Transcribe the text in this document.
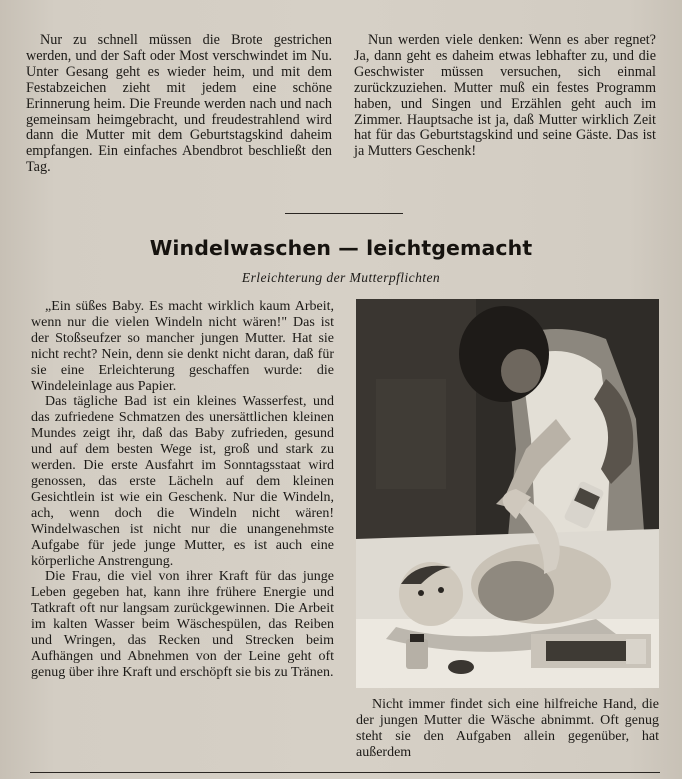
Nur zu schnell müssen die Brote gestrichen werden, und der Saft oder Most verschwindet im Nu. Unter Gesang geht es wieder heim, und mit dem Festabzeichen zieht mit jedem eine schöne Erinnerung heim. Die Freunde werden nach und nach gemeinsam heimgebracht, und freudestrahlend wird dann die Mutter mit dem Geburtstagskind daheim empfangen. Ein einfaches Abendbrot beschließt den Tag.

Nun werden viele denken: Wenn es aber regnet? Ja, dann geht es daheim etwas lebhafter zu, und die Geschwister müssen versuchen, sich einmal zurückzuziehen. Mutter muß ein festes Programm haben, und Singen und Erzählen geht auch im Zimmer. Hauptsache ist ja, daß Mutter wirklich Zeit hat für das Geburtstagskind und seine Gäste. Das ist ja Mutters Geschenk!

Windelwaschen — leichtgemacht
Erleichterung der Mutterpflichten

„Ein süßes Baby. Es macht wirklich kaum Arbeit, wenn nur die vielen Windeln nicht wären!" Das ist der Stoßseufzer so mancher jungen Mutter. Hat sie nicht recht? Nein, denn sie denkt nicht daran, daß für sie eine Erleichterung geschaffen wurde: die Windeleinlage aus Papier.

Das tägliche Bad ist ein kleines Wasserfest, und das zufriedene Schmatzen des unersättlichen kleinen Mundes zeigt ihr, daß das Baby zufrieden, gesund und auf dem besten Wege ist, groß und stark zu werden. Die erste Ausfahrt im Sonntagsstaat wird genossen, das erste Lächeln auf dem kleinen Gesichtlein ist wie ein Geschenk. Nur die Windeln, ach, wenn doch die Windeln nicht wären! Windelwaschen ist nicht nur die unangenehmste Aufgabe für jede junge Mutter, es ist auch eine körperliche Anstrengung.

Die Frau, die viel von ihrer Kraft für das junge Leben gegeben hat, kann ihre frühere Energie und Tatkraft oft nur langsam zurückgewinnen. Die Arbeit im kalten Wasser beim Wäschespülen, das Reiben und Wringen, das Recken und Strecken beim Aufhängen und Abnehmen von der Leine geht oft genug über ihre Kraft und erschöpft sie bis zu Tränen.

Nicht immer findet sich eine hilfreiche Hand, die der jungen Mutter die Wäsche abnimmt. Oft genug steht sie den Aufgaben allein gegenüber, hat außerdem
